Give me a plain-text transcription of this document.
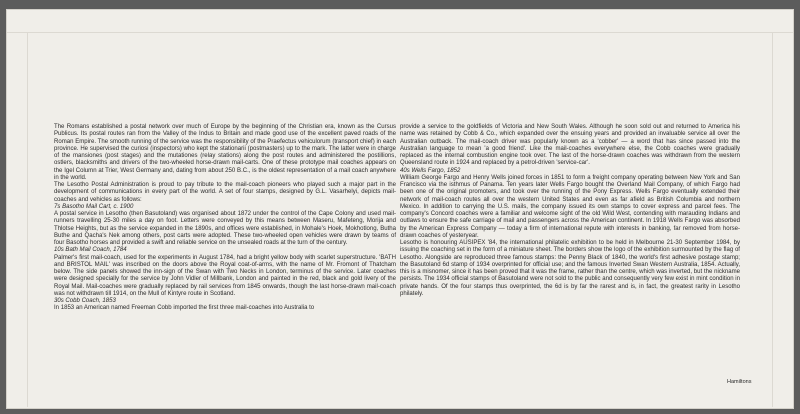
The Romans established a postal network over much of Europe by the beginning of the Christian era, known as the Cursus Publicus. Its postal routes ran from the Valley of the Indus to Britain and made good use of the excellent paved roads of the Roman Empire. The smooth running of the service was the responsibility of the Praefectus vehiculorum (transport chief) in each province. He supervised the curiosi (inspectors) who kept the stationarii (postmasters) up to the mark. The latter were in charge of the mansiones (post stages) and the mutationes (relay stations) along the post routes and administered the postillions, ostlers, blacksmiths and drivers of the two-wheeled horse-drawn mail-carts. One of these prototype mail coaches appears on the Igel Column at Trier, West Germany and, dating from about 250 B.C., is the oldest representation of a mail coach anywhere in the world.

The Lesotho Postal Administration is proud to pay tribute to the mail-coach pioneers who played such a major part in the development of communications in every part of the world. A set of four stamps, designed by G.L. Vasarhelyi, depicts mail-coaches and vehicles as follows:

7s Basotho Mail Cart, c. 1900

A postal service in Lesotho (then Basutoland) was organised about 1872 under the control of the Cape Colony and used mail-runners travelling 25-30 miles a day on foot. Letters were conveyed by this means between Maseru, Mafeteng, Morija and Thlotse Heights, but as the service expanded in the 1890s, and offices were established, in Mohale's Hoek, Mokhotlong, Butha Buthe and Qacha's Nek among others, post carts were adopted. These two-wheeled open vehicles were drawn by teams of four Basotho horses and provided a swift and reliable service on the unsealed roads at the turn of the century.

10s Bath Mail Coach, 1784

Palmer's first mail-coach, used for the experiments in August 1784, had a bright yellow body with scarlet superstructure. 'BATH and BRISTOL MAIL' was inscribed on the doors above the Royal coat-of-arms, with the name of Mr. Fromont of Thatcham below. The side panels showed the inn-sign of the Swan with Two Necks in London, terminus of the service. Later coaches were designed specially for the service by John Vidler of Millbank, London and painted in the red, black and gold livery of the Royal Mail. Mail-coaches were gradually replaced by rail services from 1845 onwards, though the last horse-drawn mail-coach was not withdrawn till 1914, on the Mull of Kintyre route in Scotland.

30s Cobb Coach, 1853

In 1853 an American named Freeman Cobb imported the first three mail-coaches into Australia to

provide a service to the goldfields of Victoria and New South Wales. Although he soon sold out and returned to America his name was retained by Cobb & Co., which expanded over the ensuing years and provided an invaluable service all over the Australian outback. The mail-coach driver was popularly known as a 'cobber' — a word that has since passed into the Australian language to mean 'a good friend'. Like the mail-coaches everywhere else, the Cobb coaches were gradually replaced as the internal combustion engine took over. The last of the horse-drawn coaches was withdrawn from the western Queensland route in 1924 and replaced by a petrol-driven 'service-car'.

40s Wells Fargo, 1852

William George Fargo and Henry Wells joined forces in 1851 to form a freight company operating between New York and San Francisco via the isthmus of Panama. Ten years later Wells Fargo bought the Overland Mail Company, of which Fargo had been one of the original promoters, and took over the running of the Pony Express. Wells Fargo eventually extended their network of mail-coach routes all over the western United States and even as far afield as British Columbia and northern Mexico. In addition to carrying the U.S. mails, the company issued its own stamps to cover express and parcel fees. The company's Concord coaches were a familiar and welcome sight of the old Wild West, contending with marauding Indians and outlaws to ensure the safe carriage of mail and passengers across the American continent. In 1918 Wells Fargo was absorbed by the American Express Company — today a firm of international repute with interests in banking, far removed from horse-drawn coaches of yesteryear.

Lesotho is honouring AUSIPEX '84, the international philatelic exhibition to be held in Melbourne 21-30 September 1984, by issuing the coaching set in the form of a miniature sheet. The borders show the logo of the exhibition surmounted by the flag of Lesotho. Alongside are reproduced three famous stamps: the Penny Black of 1840, the world's first adhesive postage stamp; the Basutoland 6d stamp of 1934 overprinted for official use; and the famous Inverted Swan Western Australia, 1854. Actually, this is a misnomer, since it has been proved that it was the frame, rather than the centre, which was inverted, but the nickname persists. The 1934 official stamps of Basutoland were not sold to the public and consequently very few exist in mint condition in private hands. Of the four stamps thus overprinted, the 6d is by far the rarest and is, in fact, the greatest rarity in Lesotho philately.

Hamiltons
